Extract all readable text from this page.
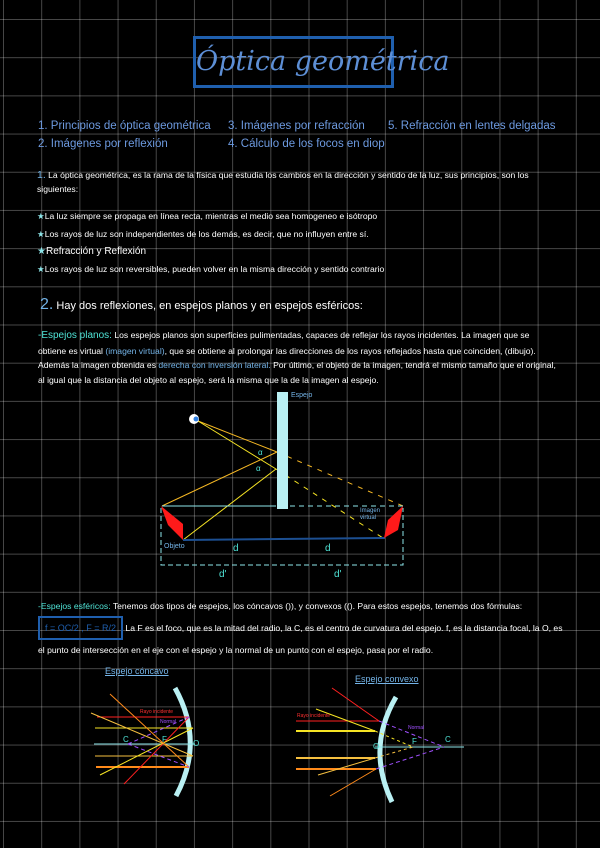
Óptica geométrica
1. Principios de óptica geométrica
2. Imágenes por reflexión
3. Imágenes por refracción
4. Cálculo de los focos en diop
5. Refracción en lentes delgadas
1. La óptica geométrica, es la rama de la física que estudia los cambios en la dirección y sentido de la luz, sus principios, son los siguientes:
★La luz siempre se propaga en línea recta, mientras el medio sea homogeneo e isótropo
★Los rayos de luz son independientes de los demás, es decir, que no influyen entre sí.
★Refracción y Reflexión
★Los rayos de luz son reversibles, pueden volver en la misma dirección y sentido contrario
2. Hay dos reflexiones, en espejos planos y en espejos esféricos:
-Espejos planos: Los espejos planos son superficies pulimentadas, capaces de reflejar los rayos incidentes. La imagen que se obtiene es virtual (imagen virtual), que se obtiene al prolongar las direcciones de los rayos reflejados hasta que coinciden, (dibujo). Además la imagen obtenida es derecha con inversión lateral. Por último, el objeto de la imagen, tendrá el mismo tamaño que el original, al igual que la distancia del objeto al espejo, será la misma que la de la imagen al espejo.
Espejo
Imagen virtual
Objeto	d	d
d'	d'
α
α
-Espejos esféricos: Tenemos dos tipos de espejos, los cóncavos ()), y convexos ((). Para estos espejos, tenemos dos fórmulas: f = OC/2 , F = R/2 La F es el foco, que es la mitad del radio, la C, es el centro de curvatura del espejo. f, es la distancia focal, la O, es el punto de intersección en el eje con el espejo y la normal de un punto con el espejo, pasa por el radio.
Espejo cóncavo
Rayo incidente
Normal
C	F	O
Espejo convexo
Rayo incidente
Normal
C
F
O
